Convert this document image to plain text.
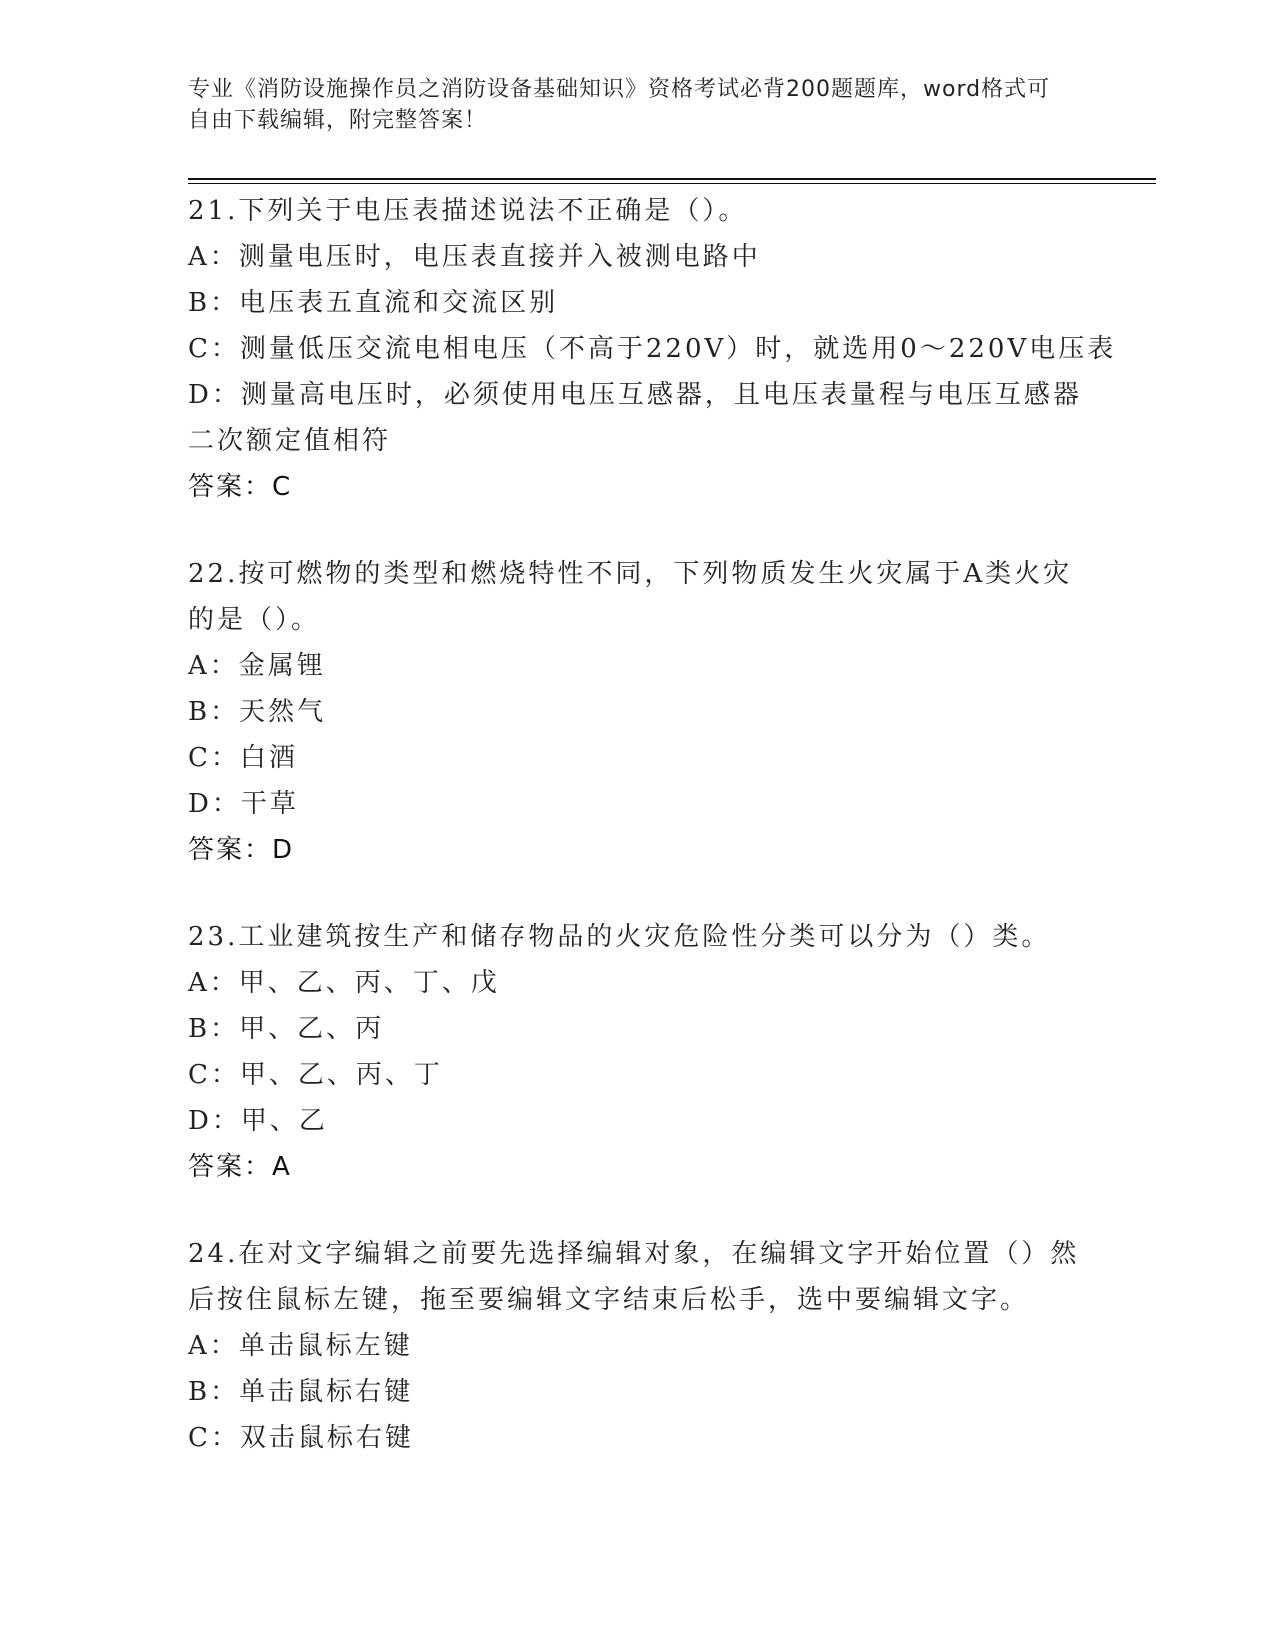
专业《消防设施操作员之消防设备基础知识》资格考试必背200题题库，word格式可自由下载编辑，附完整答案！
21.下列关于电压表描述说法不正确是（）。
A：测量电压时，电压表直接并入被测电路中
B：电压表五直流和交流区别
C：测量低压交流电相电压（不高于220V）时，就选用0～220V电压表
D：测量高电压时，必须使用电压互感器，且电压表量程与电压互感器二次额定值相符
答案：C
22.按可燃物的类型和燃烧特性不同，下列物质发生火灾属于A类火灾的是（）。
A：金属锂
B：天然气
C：白酒
D：干草
答案：D
23.工业建筑按生产和储存物品的火灾危险性分类可以分为（）类。
A：甲、乙、丙、丁、戊
B：甲、乙、丙
C：甲、乙、丙、丁
D：甲、乙
答案：A
24.在对文字编辑之前要先选择编辑对象，在编辑文字开始位置（）然后按住鼠标左键，拖至要编辑文字结束后松手，选中要编辑文字。
A：单击鼠标左键
B：单击鼠标右键
C：双击鼠标右键
